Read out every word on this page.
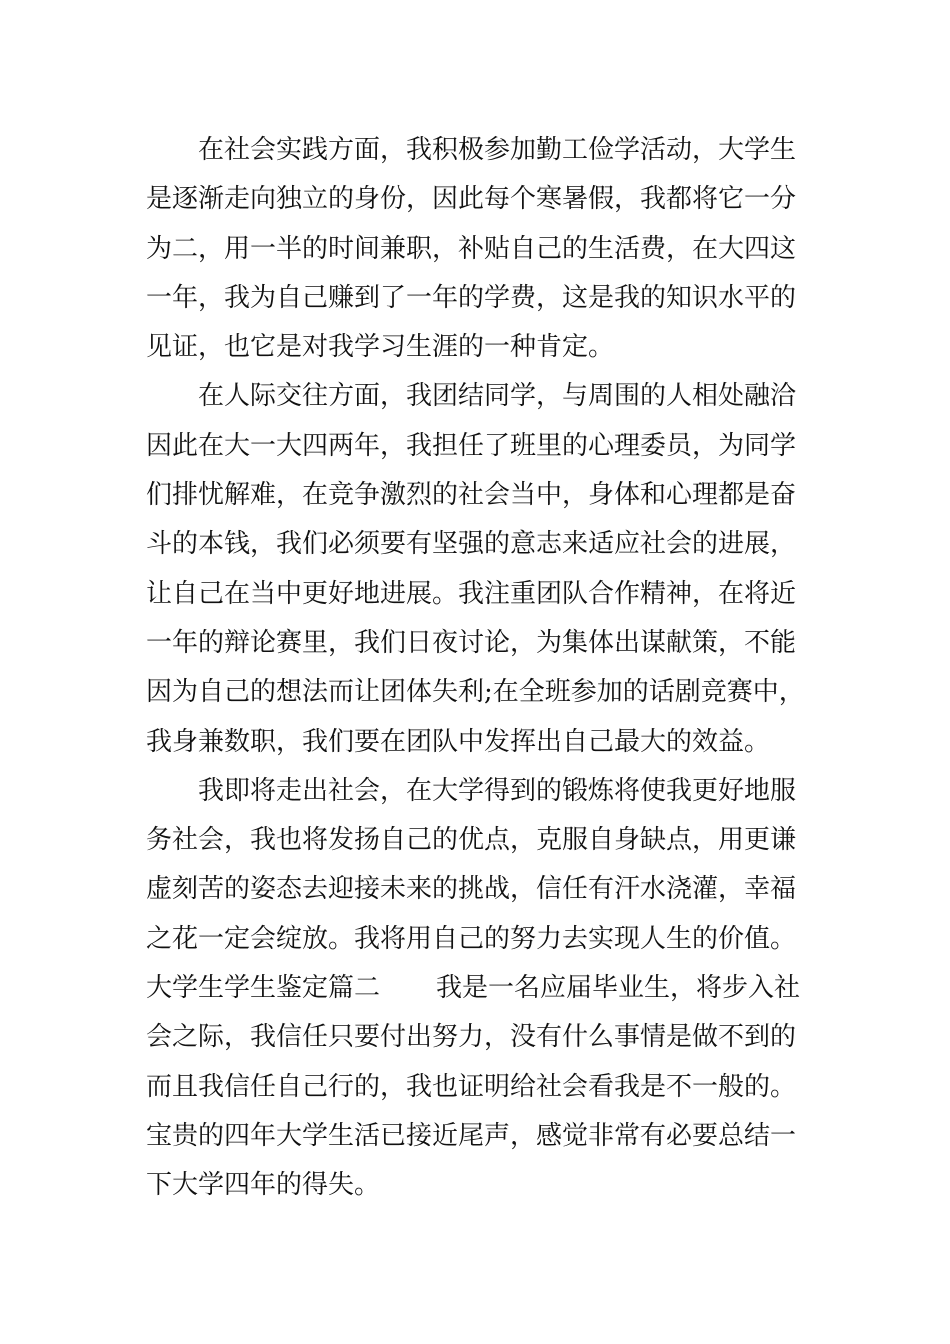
在社会实践方面，我积极参加勤工俭学活动，大学生
是逐渐走向独立的身份，因此每个寒暑假，我都将它一分
为二，用一半的时间兼职，补贴自己的生活费，在大四这
一年，我为自己赚到了一年的学费，这是我的知识水平的
见证，也它是对我学习生涯的一种肯定。
在人际交往方面，我团结同学，与周围的人相处融洽
因此在大一大四两年，我担任了班里的心理委员，为同学
们排忧解难，在竞争激烈的社会当中，身体和心理都是奋
斗的本钱，我们必须要有坚强的意志来适应社会的进展，
让自己在当中更好地进展。我注重团队合作精神，在将近
一年的辩论赛里，我们日夜讨论，为集体出谋献策，不能
因为自己的想法而让团体失利;在全班参加的话剧竞赛中，
我身兼数职，我们要在团队中发挥出自己最大的效益。
我即将走出社会，在大学得到的锻炼将使我更好地服
务社会，我也将发扬自己的优点，克服自身缺点，用更谦
虚刻苦的姿态去迎接未来的挑战，信任有汗水浇灌，幸福
之花一定会绽放。我将用自己的努力去实现人生的价值。
大学生学生鉴定篇二 我是一名应届毕业生，将步入社
会之际，我信任只要付出努力，没有什么事情是做不到的
而且我信任自己行的，我也证明给社会看我是不一般的。
宝贵的四年大学生活已接近尾声，感觉非常有必要总结一
下大学四年的得失。
